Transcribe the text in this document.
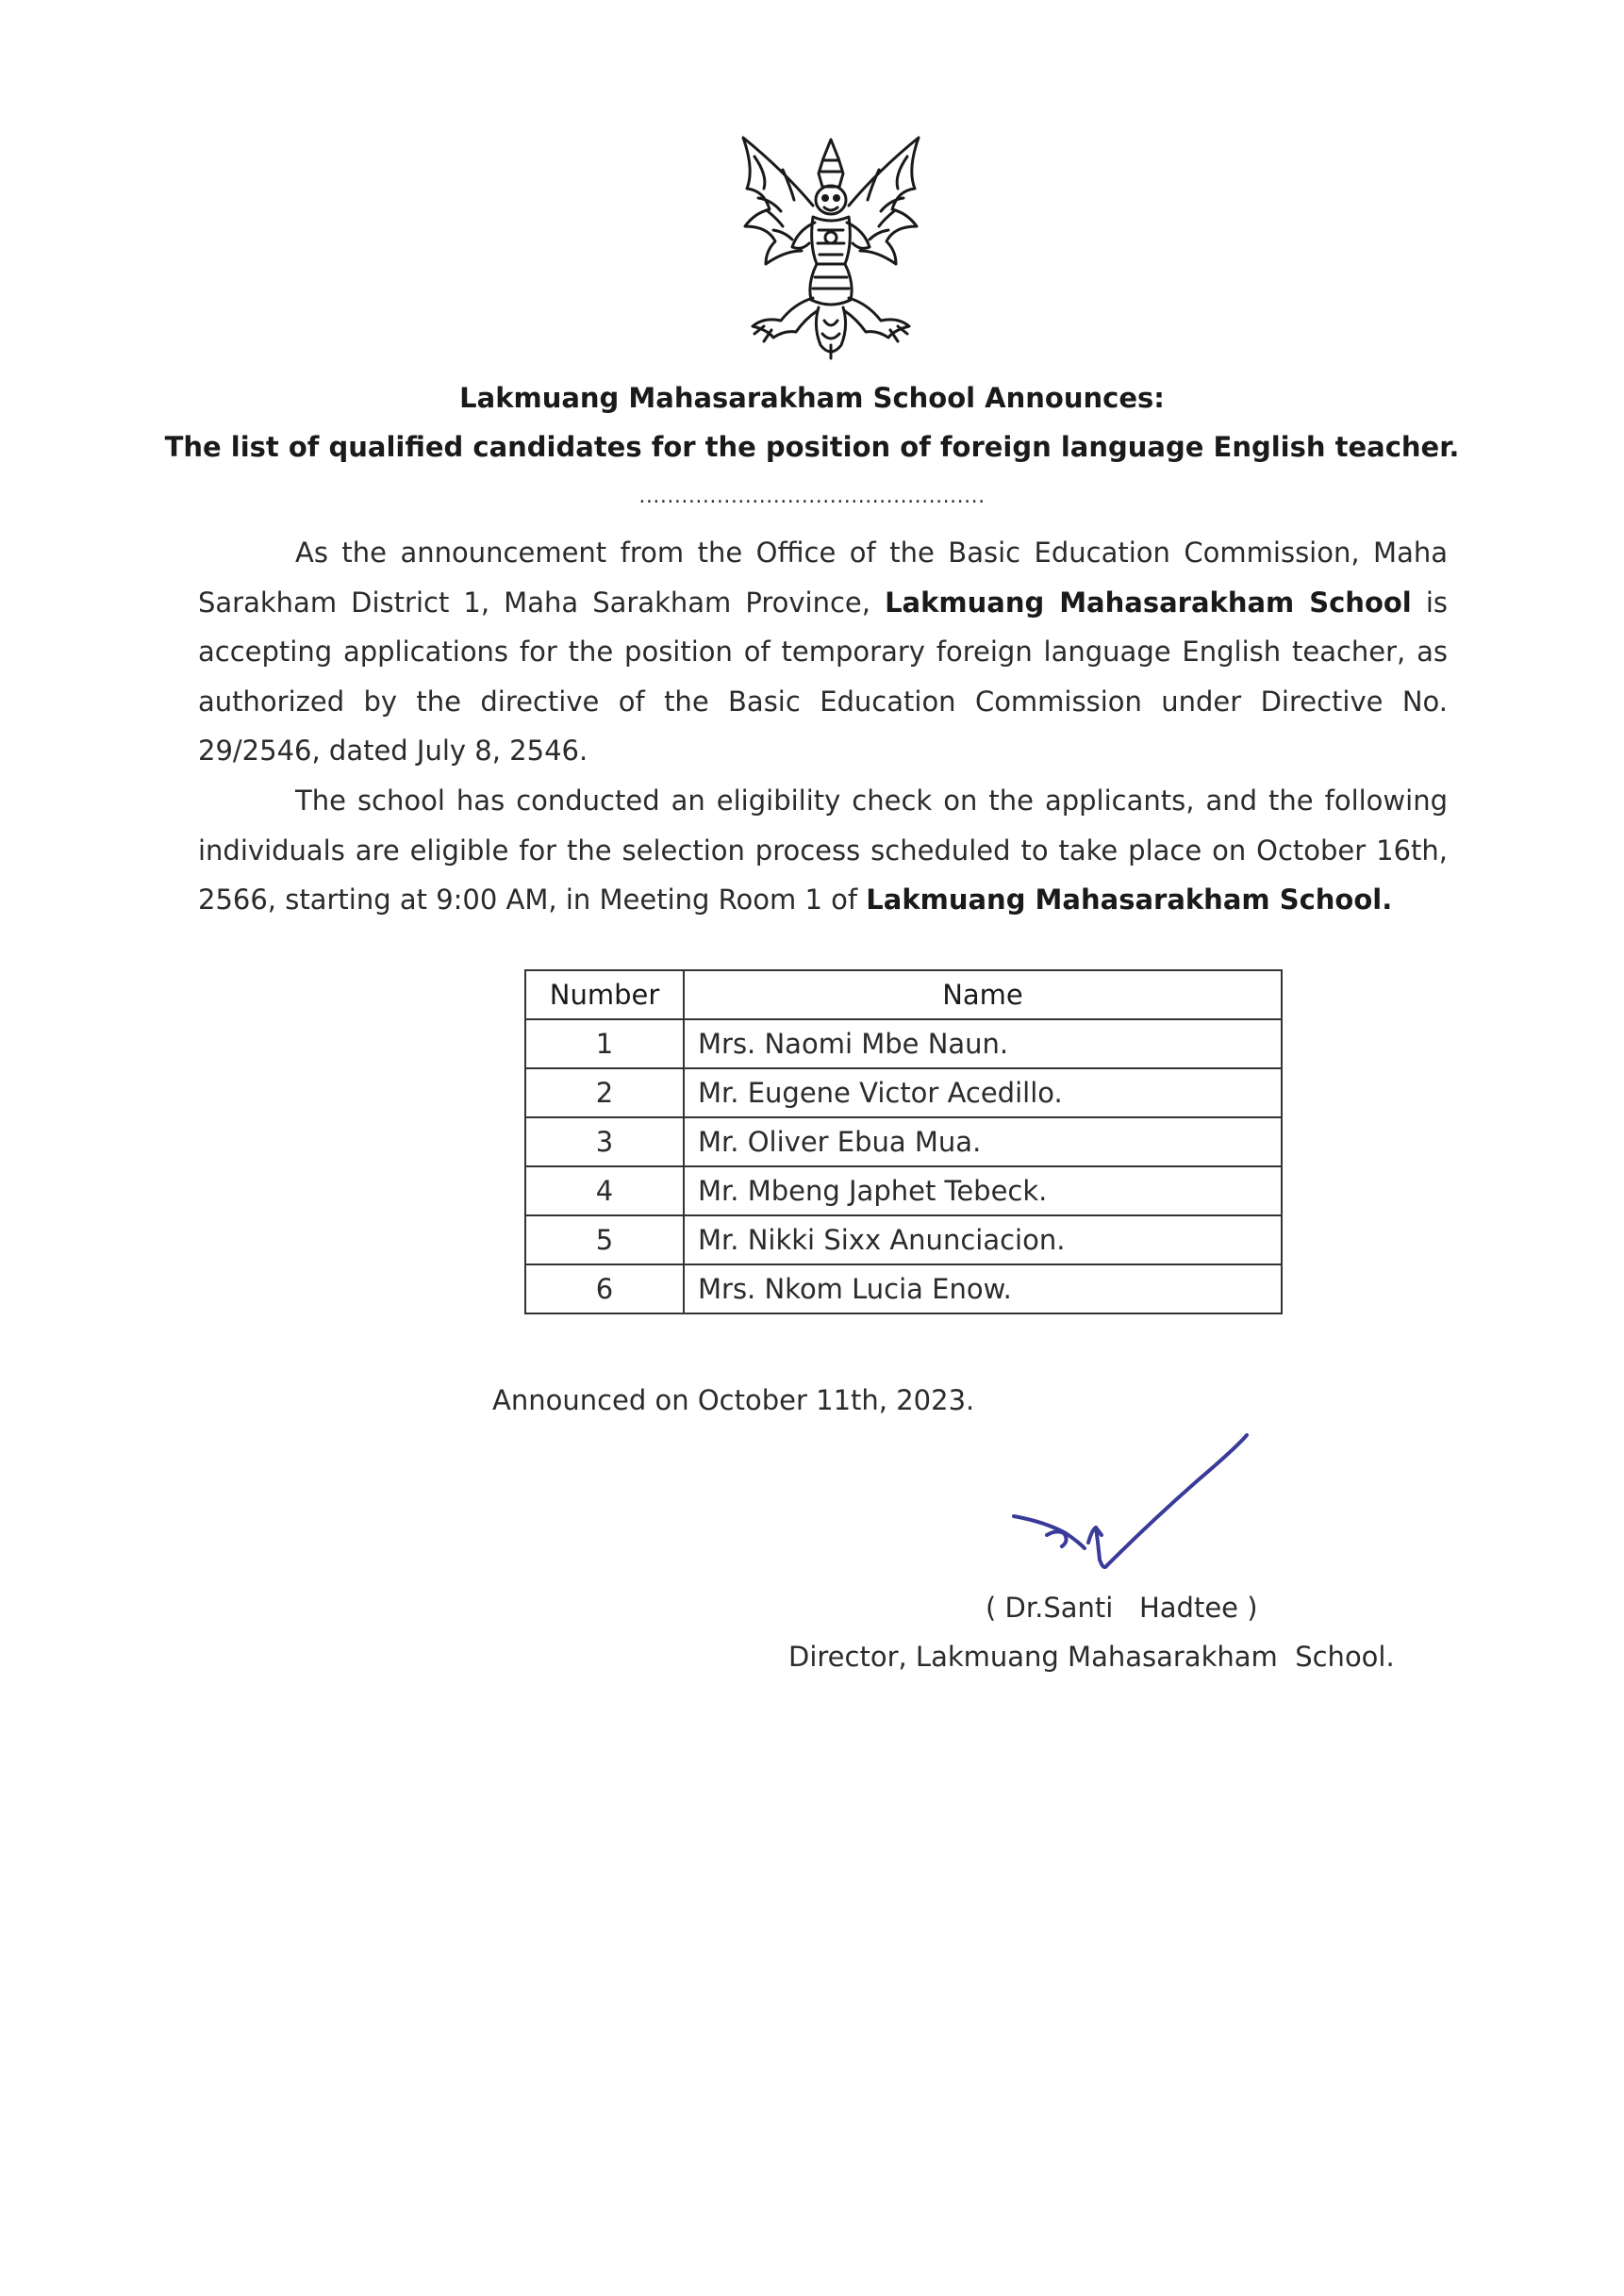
Lakmuang Mahasarakham School Announces:
The list of qualified candidates for the position of foreign language English teacher.
.................................................

As the announcement from the Office of the Basic Education Commission, Maha Sarakham District 1, Maha Sarakham Province, Lakmuang Mahasarakham School is accepting applications for the position of temporary foreign language English teacher, as authorized by the directive of the Basic Education Commission under Directive No. 29/2546, dated July 8, 2546.

The school has conducted an eligibility check on the applicants, and the following individuals are eligible for the selection process scheduled to take place on October 16th, 2566, starting at 9:00 AM, in Meeting Room 1 of Lakmuang Mahasarakham School.

Number	Name
1	Mrs. Naomi Mbe Naun.
2	Mr. Eugene Victor Acedillo.
3	Mr. Oliver Ebua Mua.
4	Mr. Mbeng Japhet Tebeck.
5	Mr. Nikki Sixx Anunciacion.
6	Mrs. Nkom Lucia Enow.
Announced on October 11th, 2023.
( Dr.Santi   Hadtee )
Director, Lakmuang Mahasarakham  School.
